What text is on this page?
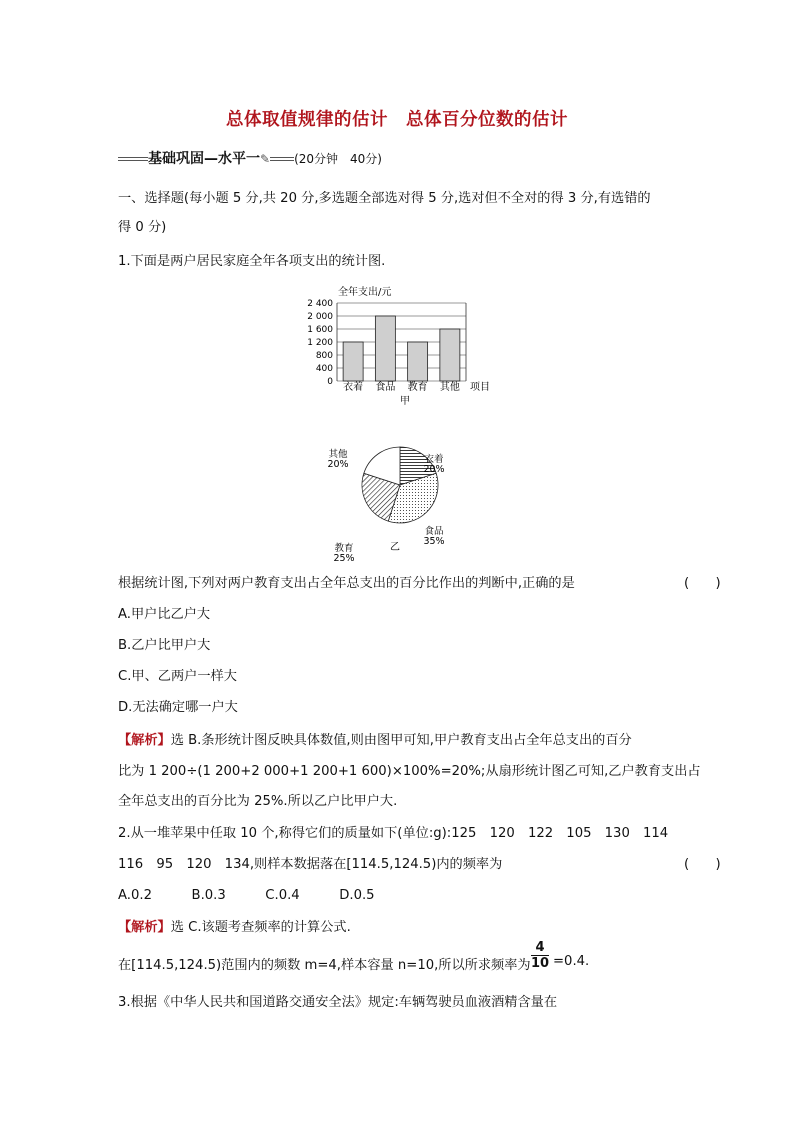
总体取值规律的估计　总体百分位数的估计
基础巩固—水平一✎ (20分钟　40分)
一、选择题(每小题 5 分,共 20 分,多选题全部选对得 5 分,选对但不全对的得 3 分,有选错的
得 0 分)
1.下面是两户居民家庭全年各项支出的统计图.
全年支出/元
0
400
800
1 200
1 600
2 000
2 400
衣着 食品 教育 其他 项目
甲
衣着
20%
食品
35%
教育
25%
其他
20%
乙
根据统计图,下列对两户教育支出占全年总支出的百分比作出的判断中,正确的是	(　　)
A.甲户比乙户大
B.乙户比甲户大
C.甲、乙两户一样大
D.无法确定哪一户大
【解析】选 B.条形统计图反映具体数值,则由图甲可知,甲户教育支出占全年总支出的百分
比为 1 200÷(1 200+2 000+1 200+1 600)×100%=20%;从扇形统计图乙可知,乙户教育支出占
全年总支出的百分比为 25%.所以乙户比甲户大.
2.从一堆苹果中任取 10 个,称得它们的质量如下(单位:g):125　120　122　105　130　114
116　95　120　134,则样本数据落在[114.5,124.5)内的频率为	(　　)
A.0.2　　　B.0.3　　　C.0.4　　　D.0.5
【解析】选 C.该题考查频率的计算公式.
在[114.5,124.5)范围内的频数 m=4,样本容量 n=10,所以所求频率为
4
10 =0.4.
3.根据《中华人民共和国道路交通安全法》规定:车辆驾驶员血液酒精含量在
